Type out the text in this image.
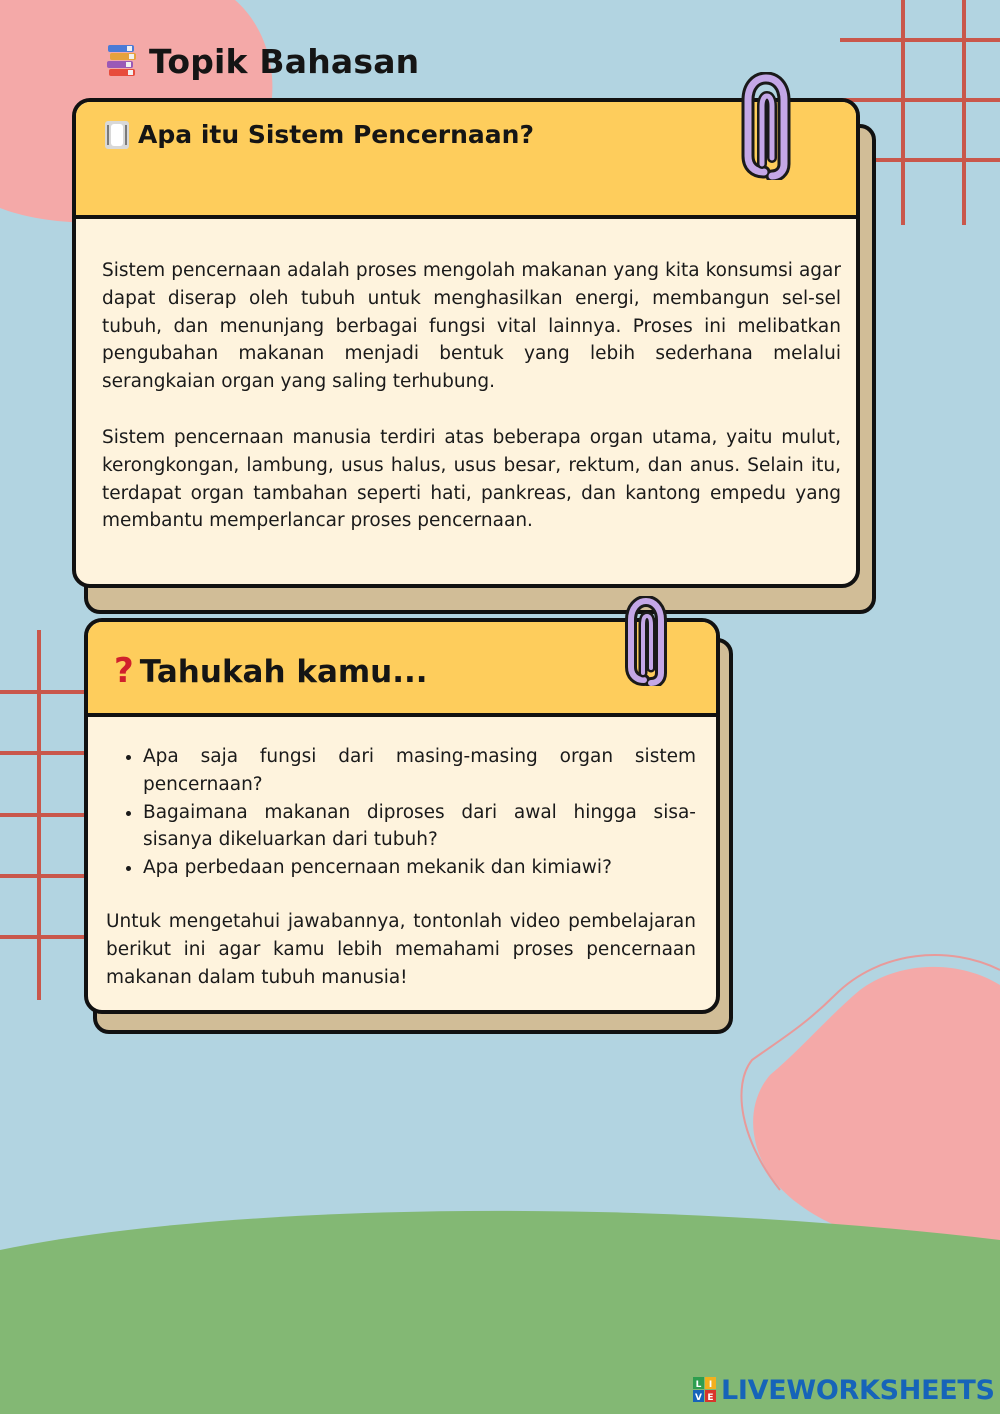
Topik Bahasan
Apa itu Sistem Pencernaan?

Sistem pencernaan adalah proses mengolah makanan yang kita konsumsi agar dapat diserap oleh tubuh untuk menghasilkan energi, membangun sel-sel tubuh, dan menunjang berbagai fungsi vital lainnya. Proses ini melibatkan pengubahan makanan menjadi bentuk yang lebih sederhana melalui serangkaian organ yang saling terhubung.

Sistem pencernaan manusia terdiri atas beberapa organ utama, yaitu mulut, kerongkongan, lambung, usus halus, usus besar, rektum, dan anus. Selain itu, terdapat organ tambahan seperti hati, pankreas, dan kantong empedu yang membantu memperlancar proses pencernaan.

? Tahukah kamu...
• Apa saja fungsi dari masing-masing organ sistem pencernaan?
• Bagaimana makanan diproses dari awal hingga sisa-sisanya dikeluarkan dari tubuh?
• Apa perbedaan pencernaan mekanik dan kimiawi?

Untuk mengetahui jawabannya, tontonlah video pembelajaran berikut ini agar kamu lebih memahami proses pencernaan makanan dalam tubuh manusia!

L I
V E LIVEWORKSHEETS
